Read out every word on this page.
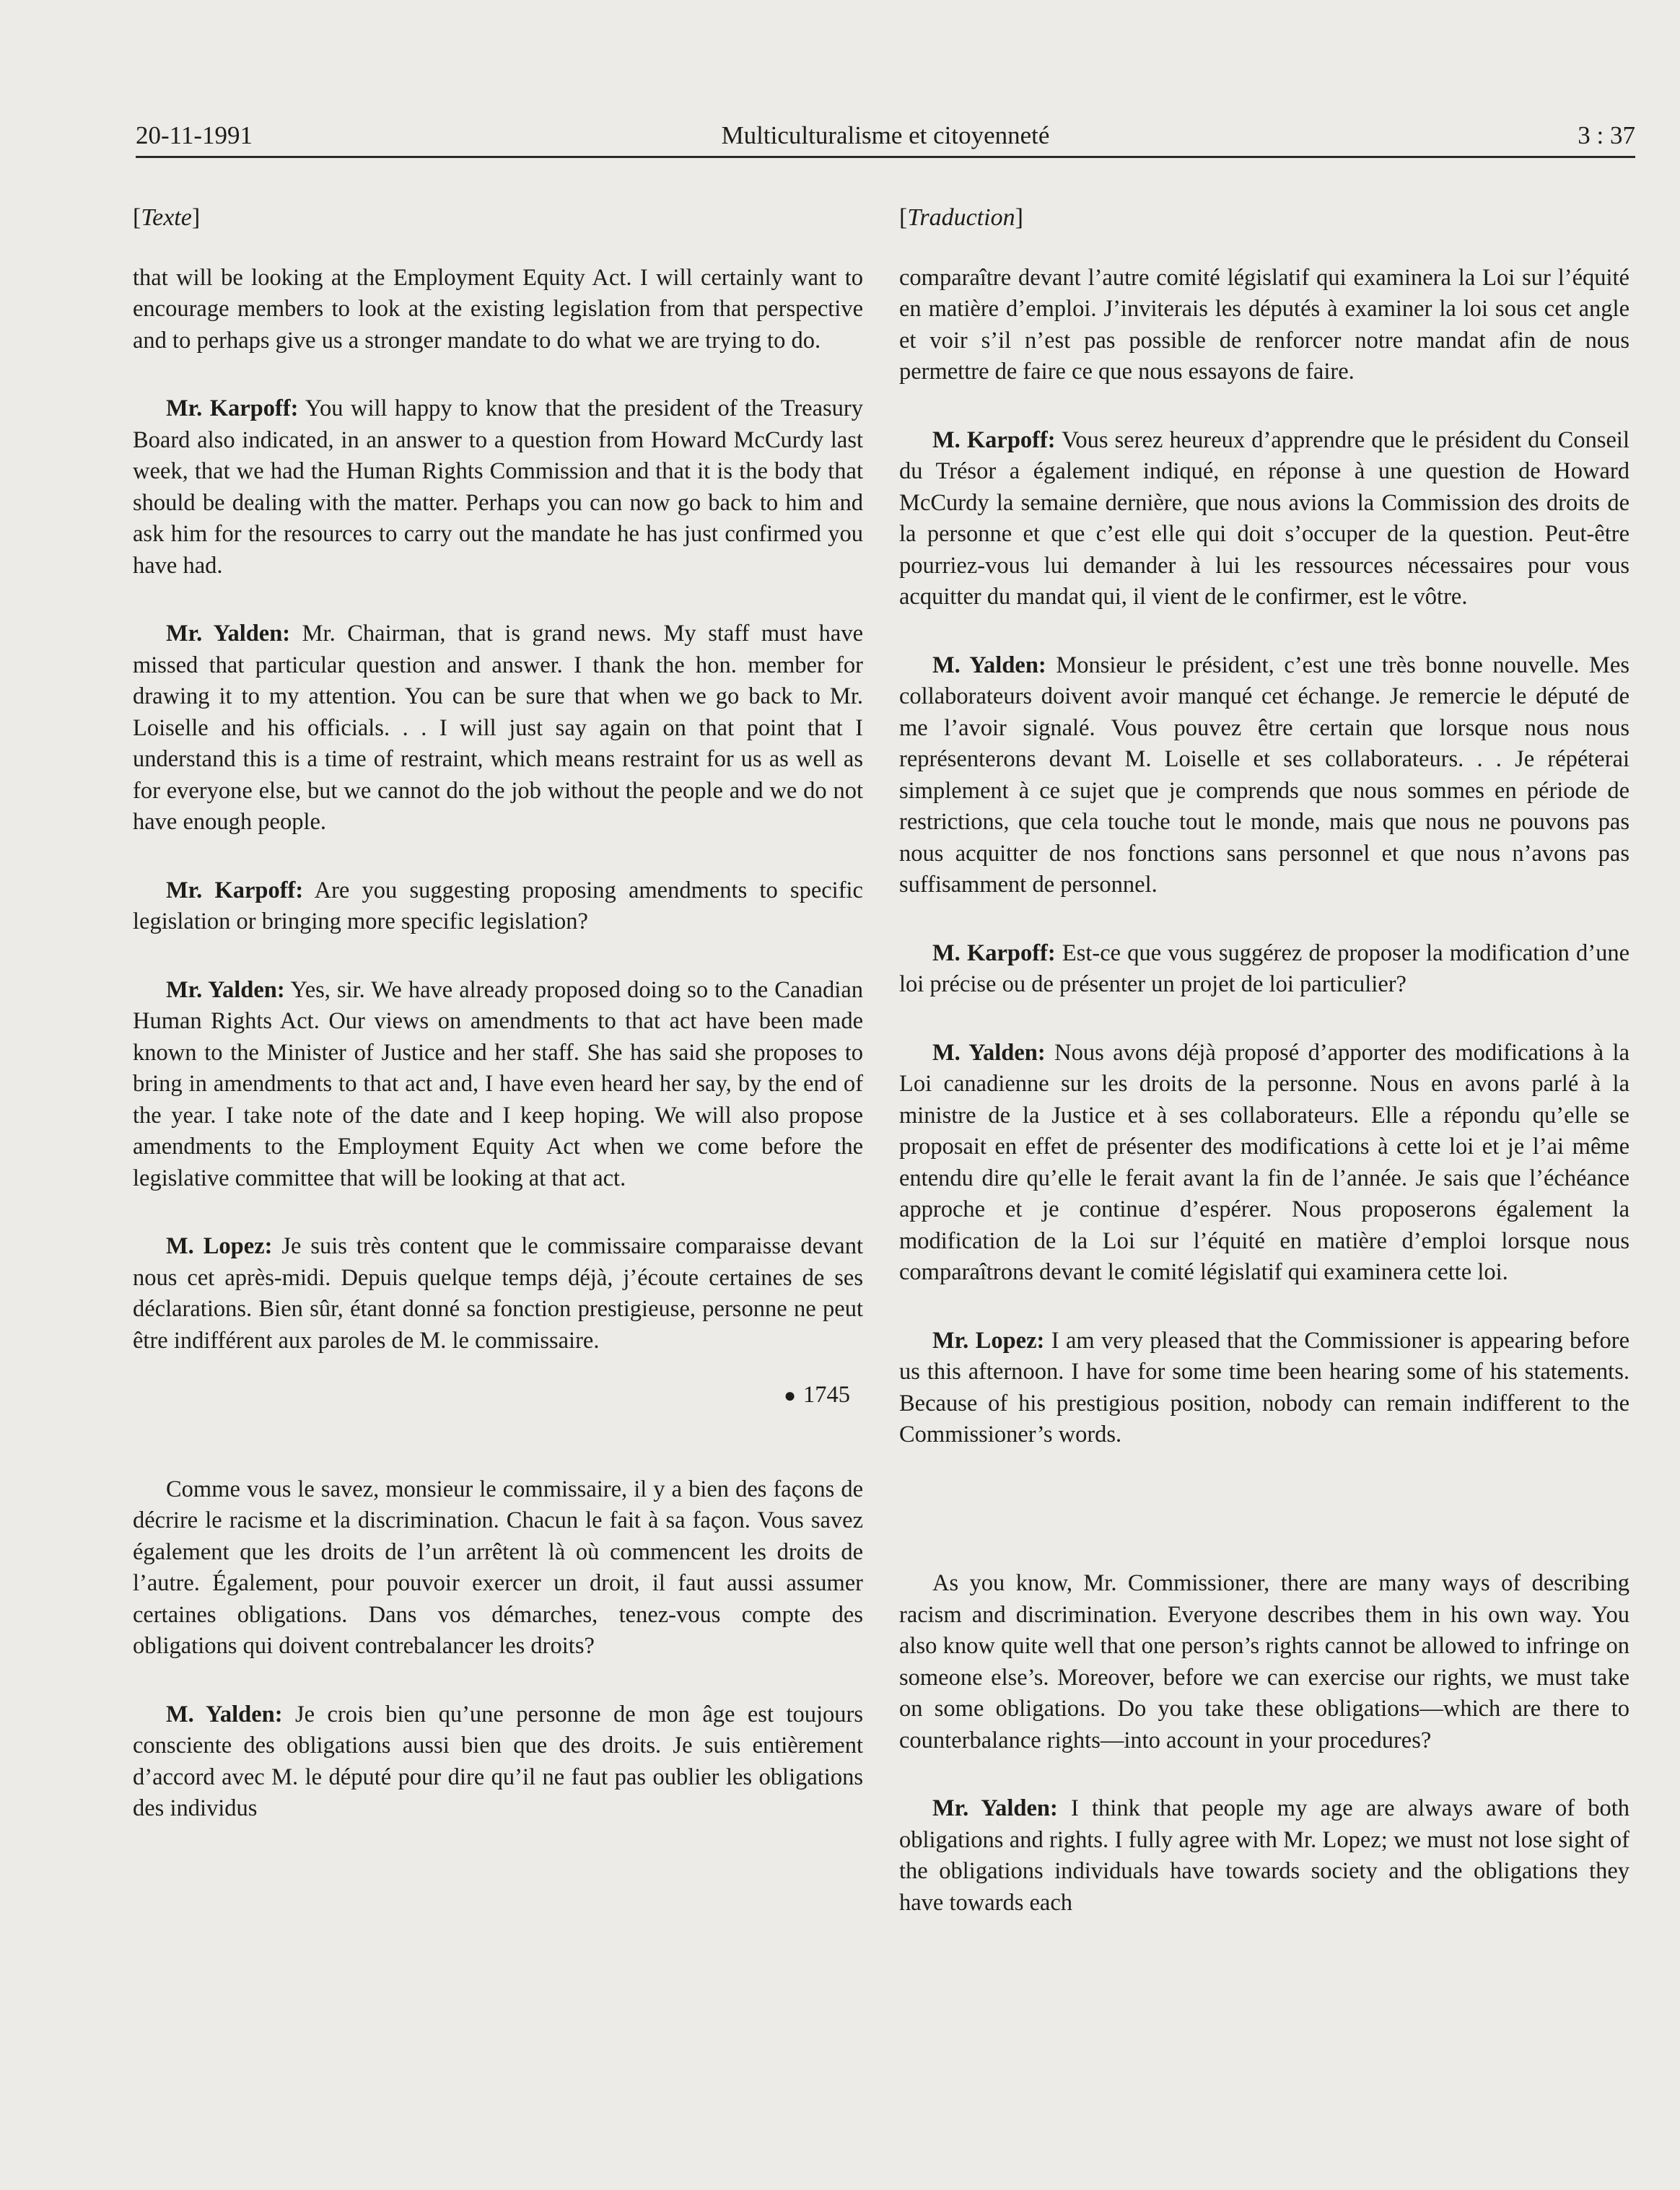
20-11-1991	Multiculturalisme et citoyenneté	3 : 37
[Texte]

that will be looking at the Employment Equity Act. I will certainly want to encourage members to look at the existing legislation from that perspective and to perhaps give us a stronger mandate to do what we are trying to do.

Mr. Karpoff: You will happy to know that the president of the Treasury Board also indicated, in an answer to a question from Howard McCurdy last week, that we had the Human Rights Commission and that it is the body that should be dealing with the matter. Perhaps you can now go back to him and ask him for the resources to carry out the mandate he has just confirmed you have had.

Mr. Yalden: Mr. Chairman, that is grand news. My staff must have missed that particular question and answer. I thank the hon. member for drawing it to my attention. You can be sure that when we go back to Mr. Loiselle and his officials. . . I will just say again on that point that I understand this is a time of restraint, which means restraint for us as well as for everyone else, but we cannot do the job without the people and we do not have enough people.

Mr. Karpoff: Are you suggesting proposing amendments to specific legislation or bringing more specific legislation?

Mr. Yalden: Yes, sir. We have already proposed doing so to the Canadian Human Rights Act. Our views on amendments to that act have been made known to the Minister of Justice and her staff. She has said she proposes to bring in amendments to that act and, I have even heard her say, by the end of the year. I take note of the date and I keep hoping. We will also propose amendments to the Employment Equity Act when we come before the legislative committee that will be looking at that act.

M. Lopez: Je suis très content que le commissaire comparaisse devant nous cet après-midi. Depuis quelque temps déjà, j’écoute certaines de ses déclarations. Bien sûr, étant donné sa fonction prestigieuse, personne ne peut être indifférent aux paroles de M. le commissaire.

● 1745

Comme vous le savez, monsieur le commissaire, il y a bien des façons de décrire le racisme et la discrimination. Chacun le fait à sa façon. Vous savez également que les droits de l’un arrêtent là où commencent les droits de l’autre. Également, pour pouvoir exercer un droit, il faut aussi assumer certaines obligations. Dans vos démarches, tenez-vous compte des obligations qui doivent contrebalancer les droits?

M. Yalden: Je crois bien qu’une personne de mon âge est toujours consciente des obligations aussi bien que des droits. Je suis entièrement d’accord avec M. le député pour dire qu’il ne faut pas oublier les obligations des individus

[Traduction]

comparaître devant l’autre comité législatif qui examinera la Loi sur l’équité en matière d’emploi. J’inviterais les députés à examiner la loi sous cet angle et voir s’il n’est pas possible de renforcer notre mandat afin de nous permettre de faire ce que nous essayons de faire.

M. Karpoff: Vous serez heureux d’apprendre que le président du Conseil du Trésor a également indiqué, en réponse à une question de Howard McCurdy la semaine dernière, que nous avions la Commission des droits de la personne et que c’est elle qui doit s’occuper de la question. Peut-être pourriez-vous lui demander à lui les ressources nécessaires pour vous acquitter du mandat qui, il vient de le confirmer, est le vôtre.

M. Yalden: Monsieur le président, c’est une très bonne nouvelle. Mes collaborateurs doivent avoir manqué cet échange. Je remercie le député de me l’avoir signalé. Vous pouvez être certain que lorsque nous nous représenterons devant M. Loiselle et ses collaborateurs. . . Je répéterai simplement à ce sujet que je comprends que nous sommes en période de restrictions, que cela touche tout le monde, mais que nous ne pouvons pas nous acquitter de nos fonctions sans personnel et que nous n’avons pas suffisamment de personnel.

M. Karpoff: Est-ce que vous suggérez de proposer la modification d’une loi précise ou de présenter un projet de loi particulier?

M. Yalden: Nous avons déjà proposé d’apporter des modifications à la Loi canadienne sur les droits de la personne. Nous en avons parlé à la ministre de la Justice et à ses collaborateurs. Elle a répondu qu’elle se proposait en effet de présenter des modifications à cette loi et je l’ai même entendu dire qu’elle le ferait avant la fin de l’année. Je sais que l’échéance approche et je continue d’espérer. Nous proposerons également la modification de la Loi sur l’équité en matière d’emploi lorsque nous comparaîtrons devant le comité législatif qui examinera cette loi.

Mr. Lopez: I am very pleased that the Commissioner is appearing before us this afternoon. I have for some time been hearing some of his statements. Because of his prestigious position, nobody can remain indifferent to the Commissioner’s words.

As you know, Mr. Commissioner, there are many ways of describing racism and discrimination. Everyone describes them in his own way. You also know quite well that one person’s rights cannot be allowed to infringe on someone else’s. Moreover, before we can exercise our rights, we must take on some obligations. Do you take these obligations—which are there to counterbalance rights—into account in your procedures?

Mr. Yalden: I think that people my age are always aware of both obligations and rights. I fully agree with Mr. Lopez; we must not lose sight of the obligations individuals have towards society and the obligations they have towards each
